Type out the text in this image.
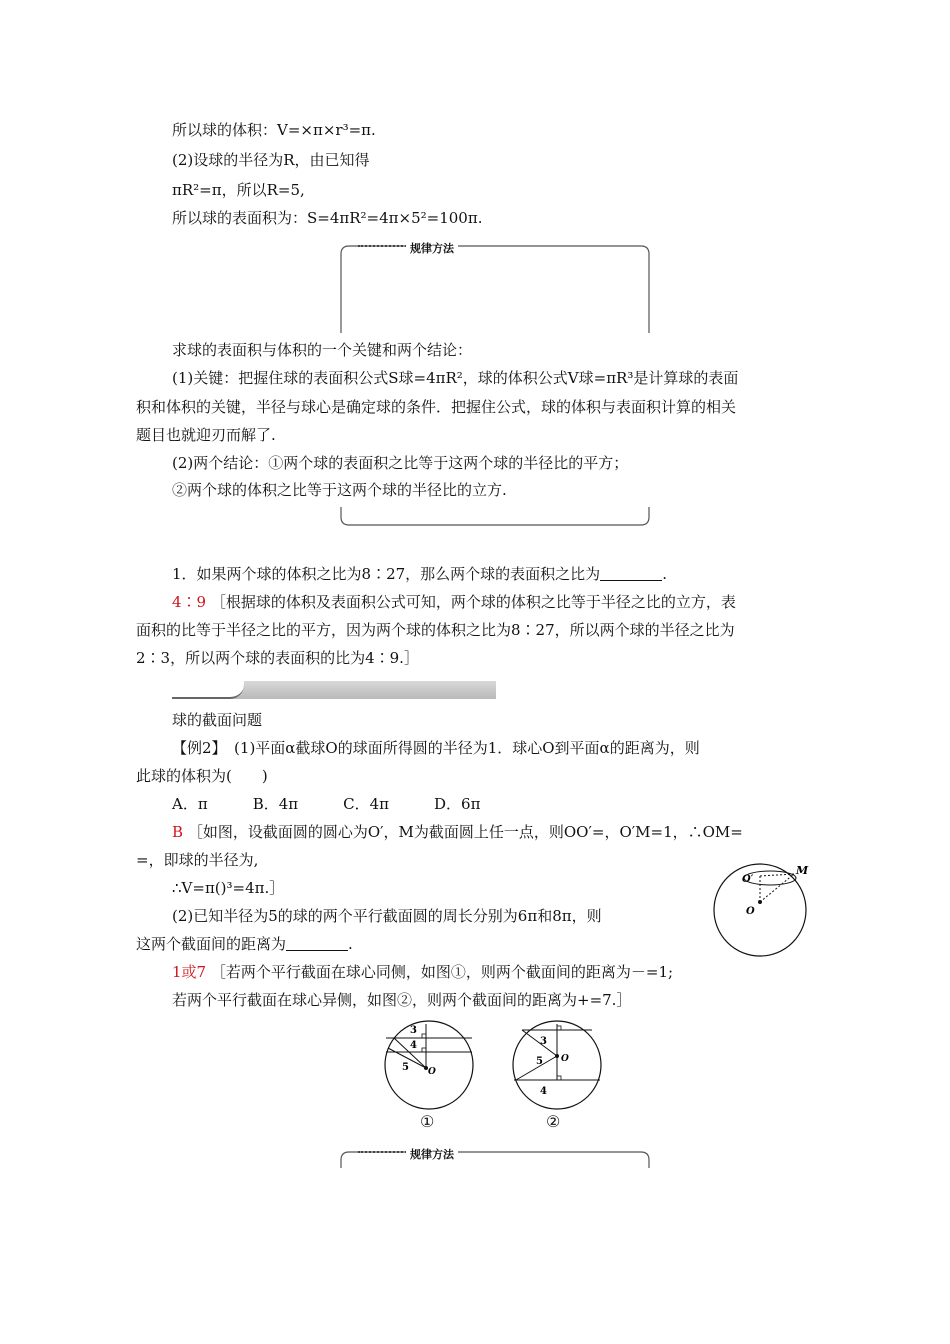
所以球的体积：V=×π×r³=π.
(2)设球的半径为R，由已知得
πR²=π，所以R=5,
所以球的表面积为：S=4πR²=4π×5²=100π.
规律方法
求球的表面积与体积的一个关键和两个结论：
(1)关键：把握住球的表面积公式S球=4πR²，球的体积公式V球=πR³是计算球的表面
积和体积的关键，半径与球心是确定球的条件．把握住公式，球的体积与表面积计算的相关
题目也就迎刃而解了.
(2)两个结论：①两个球的表面积之比等于这两个球的半径比的平方；
②两个球的体积之比等于这两个球的半径比的立方.
1．如果两个球的体积之比为8∶27，那么两个球的表面积之比为	.
4∶9 ［根据球的体积及表面积公式可知，两个球的体积之比等于半径之比的立方，表
面积的比等于半径之比的平方，因为两个球的体积之比为8∶27，所以两个球的半径之比为
2∶3，所以两个球的表面积的比为4∶9.］
球的截面问题
【例2】　(1)平面α截球O的球面所得圆的半径为1．球心O到平面α的距离为，则
此球的体积为(　　)
A．π　　　B．4π　　　C．4π　　　D．6π
B ［如图，设截面圆的圆心为O′，M为截面圆上任一点，则OO′=，O′M=1，∴OM=
=，即球的半径为,
∴V=π()³=4π.］
(2)已知半径为5的球的两个平行截面圆的周长分别为6π和8π，则
这两个截面间的距离为	.
1或7 ［若两个平行截面在球心同侧，如图①，则两个截面间的距离为－=1;
若两个平行截面在球心异侧，如图②，则两个截面间的距离为+=7.］
M
O′
O
3
4
5 O
①
3
5
4
O
②
规律方法
